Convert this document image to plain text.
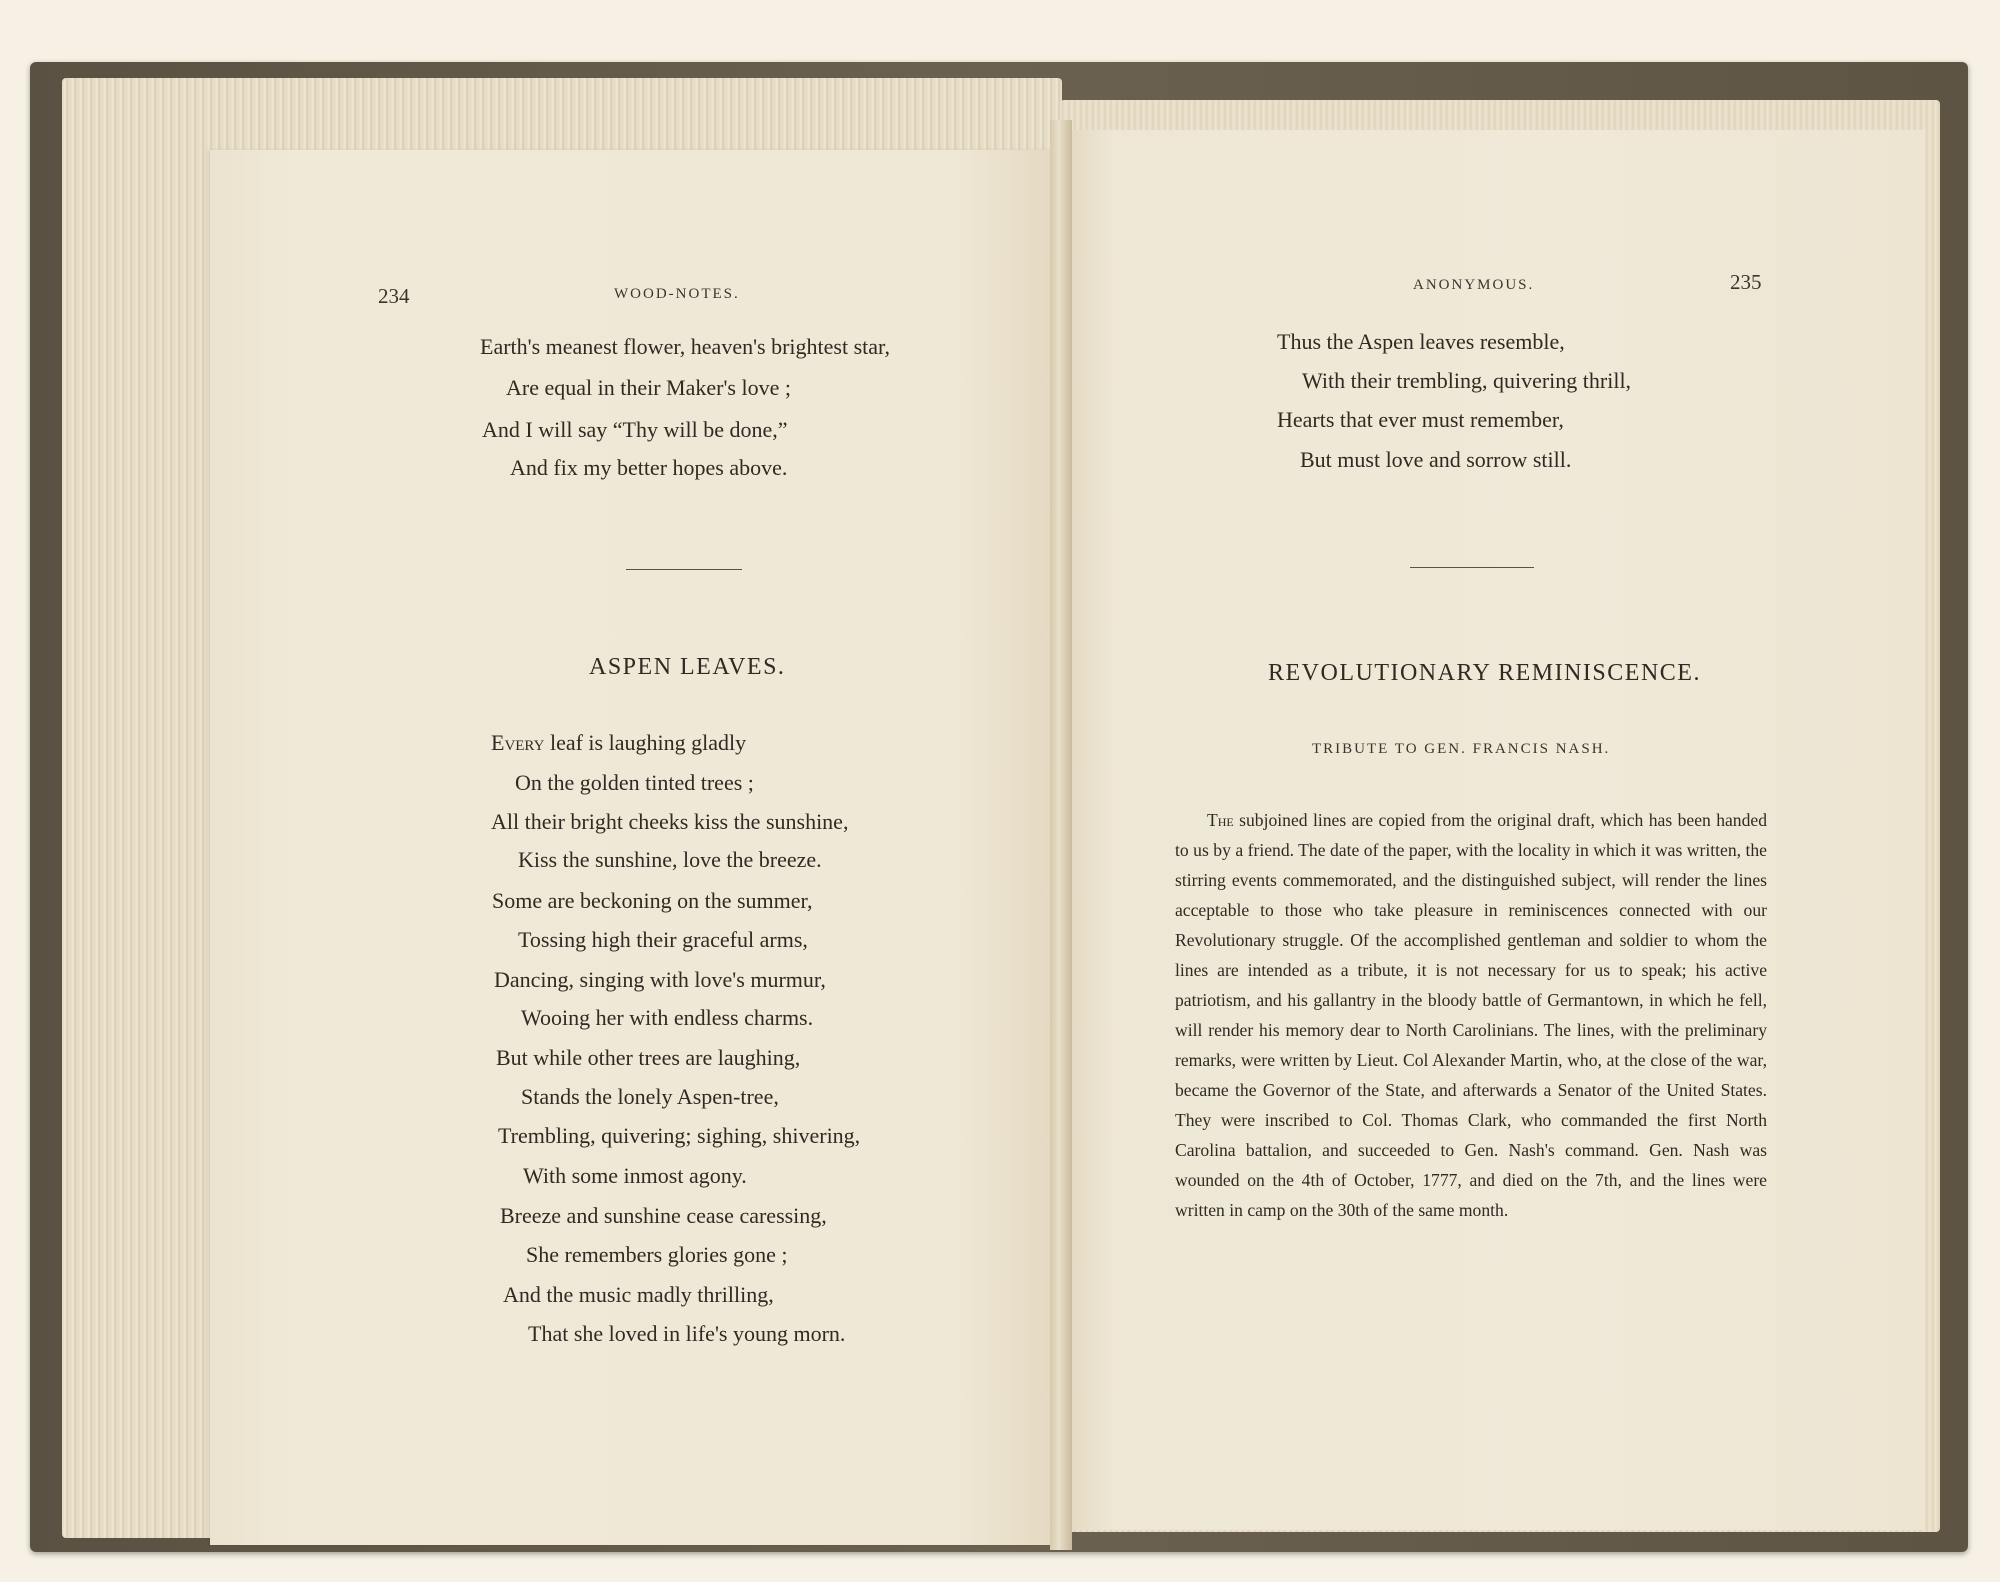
234	WOOD-NOTES.
Earth's meanest flower, heaven's brightest star,
Are equal in their Maker's love ;
And I will say “Thy will be done,”
And fix my better hopes above.
ASPEN LEAVES.
Every leaf is laughing gladly
On the golden tinted trees ;
All their bright cheeks kiss the sunshine,
Kiss the sunshine, love the breeze.
Some are beckoning on the summer,
Tossing high their graceful arms,
Dancing, singing with love's murmur,
Wooing her with endless charms.
But while other trees are laughing,
Stands the lonely Aspen-tree,
Trembling, quivering; sighing, shivering,
With some inmost agony.
Breeze and sunshine cease caressing,
She remembers glories gone ;
And the music madly thrilling,
That she loved in life's young morn.
ANONYMOUS.	235
Thus the Aspen leaves resemble,
With their trembling, quivering thrill,
Hearts that ever must remember,
But must love and sorrow still.
REVOLUTIONARY REMINISCENCE.
TRIBUTE TO GEN. FRANCIS NASH.

The subjoined lines are copied from the original draft, which has been handed to us by a friend. The date of the paper, with the locality in which it was written, the stirring events commemorated, and the distinguished subject, will render the lines acceptable to those who take pleasure in reminiscences connected with our Revolutionary struggle. Of the accomplished gentleman and soldier to whom the lines are intended as a tribute, it is not necessary for us to speak; his active patriotism, and his gallantry in the bloody battle of Germantown, in which he fell, will render his memory dear to North Carolinians. The lines, with the preliminary remarks, were written by Lieut. Col Alexander Martin, who, at the close of the war, became the Governor of the State, and afterwards a Senator of the United States. They were inscribed to Col. Thomas Clark, who commanded the first North Carolina battalion, and succeeded to Gen. Nash's command. Gen. Nash was wounded on the 4th of October, 1777, and died on the 7th, and the lines were written in camp on the 30th of the same month.
